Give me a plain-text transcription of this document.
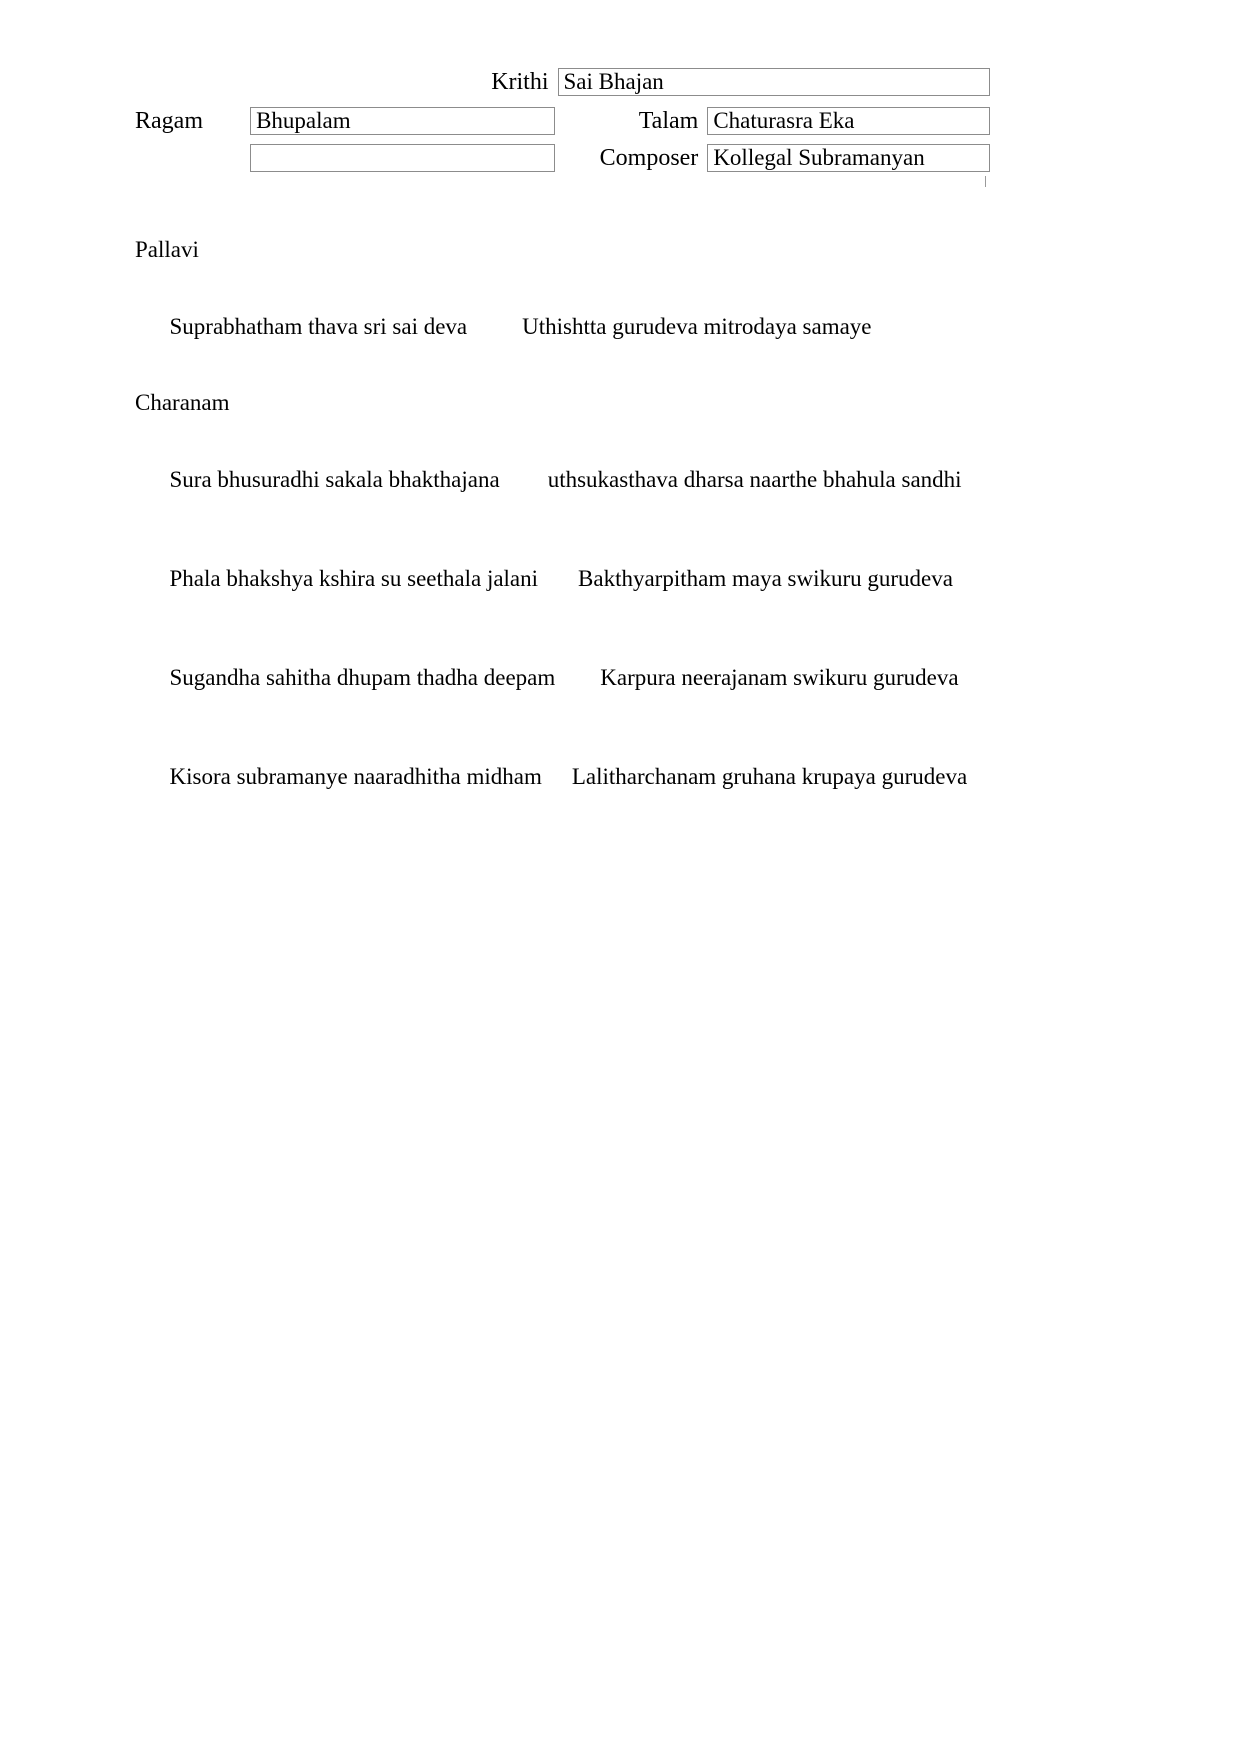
Krithi Sai Bhajan
Ragam	Bhupalam	Talam Chaturasra Eka
Composer Kollegal Subramanyan
Pallavi

Suprabhatham thava sri sai deva Uthishtta gurudeva mitrodaya samaye

Charanam

Sura bhusuradhi sakala bhakthajana uthsukasthava dharsa naarthe bhahula sandhi

Phala bhakshya kshira su seethala jalani Bakthyarpitham maya swikuru gurudeva

Sugandha sahitha dhupam thadha deepam Karpura neerajanam swikuru gurudeva

Kisora subramanye naaradhitha midham Lalitharchanam gruhana krupaya gurudeva
